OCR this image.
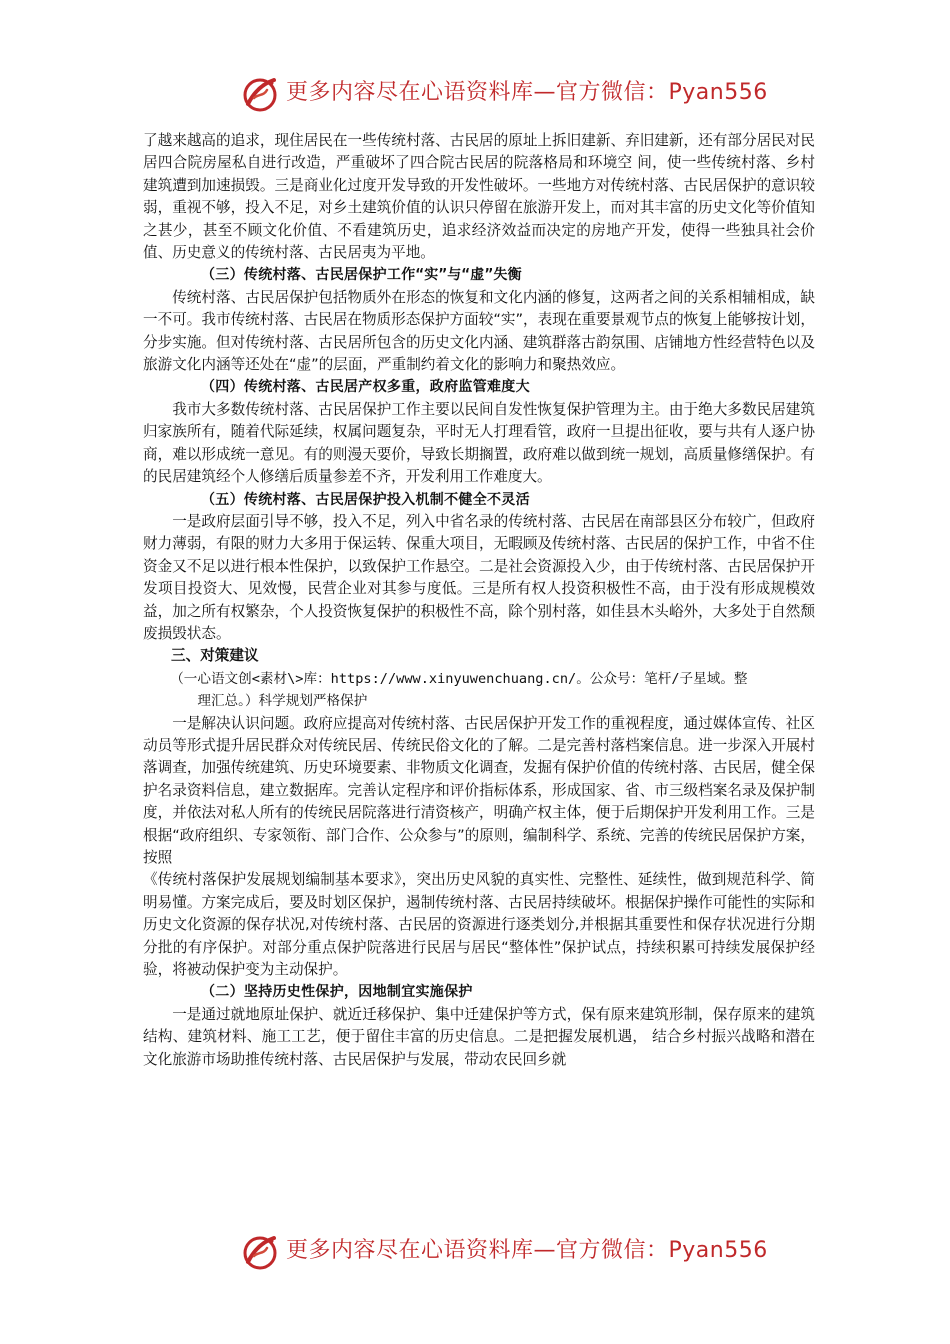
更多内容尽在心语资料库—官方微信：Pyan556

了越来越高的追求，现住居民在一些传统村落、古民居的原址上拆旧建新、弃旧建新，还有部分居民对民居四合院房屋私自进行改造，严重破坏了四合院古民居的院落格局和环境空 间，使一些传统村落、乡村建筑遭到加速损毁。三是商业化过度开发导致的开发性破坏。一些地方对传统村落、古民居保护的意识较弱，重视不够，投入不足，对乡土建筑价值的认识只停留在旅游开发上，而对其丰富的历史文化等价值知之甚少，甚至不顾文化价值、不看建筑历史，追求经济效益而决定的房地产开发，使得一些独具社会价值、历史意义的传统村落、古民居夷为平地。

（三）传统村落、古民居保护工作“实”与“虚”失衡

传统村落、古民居保护包括物质外在形态的恢复和文化内涵的修复，这两者之间的关系相辅相成，缺一不可。我市传统村落、古民居在物质形态保护方面较“实”，表现在重要景观节点的恢复上能够按计划，分步实施。但对传统村落、古民居所包含的历史文化内涵、建筑群落古韵氛围、店铺地方性经营特色以及旅游文化内涵等还处在“虚”的层面，严重制约着文化的影响力和聚热效应。

（四）传统村落、古民居产权多重，政府监管难度大

我市大多数传统村落、古民居保护工作主要以民间自发性恢复保护管理为主。由于绝大多数民居建筑归家族所有，随着代际延续，权属问题复杂，平时无人打理看管，政府一旦提出征收，要与共有人逐户协商，难以形成统一意见。有的则漫天要价，导致长期搁置，政府难以做到统一规划，高质量修缮保护。有的民居建筑经个人修缮后质量参差不齐，开发利用工作难度大。

（五）传统村落、古民居保护投入机制不健全不灵活

一是政府层面引导不够，投入不足，列入中省名录的传统村落、古民居在南部县区分布较广，但政府财力薄弱，有限的财力大多用于保运转、保重大项目，无暇顾及传统村落、古民居的保护工作，中省不住资金又不足以进行根本性保护，以致保护工作悬空。二是社会资源投入少，由于传统村落、古民居保护开发项目投资大、见效慢，民营企业对其参与度低。三是所有权人投资积极性不高，由于没有形成规模效益，加之所有权繁杂，个人投资恢复保护的积极性不高，除个别村落，如佳县木头峪外，大多处于自然颓废损毁状态。

三、对策建议

（一心语文创<素材\>库：https://www.xinyuwenchuang.cn/。公众号：笔杆/子星域。整
理汇总。）科学规划严格保护

一是解决认识问题。政府应提高对传统村落、古民居保护开发工作的重视程度，通过媒体宣传、社区动员等形式提升居民群众对传统民居、传统民俗文化的了解。二是完善村落档案信息。进一步深入开展村落调查，加强传统建筑、历史环境要素、非物质文化调查，发掘有保护价值的传统村落、古民居，健全保护名录资料信息，建立数据库。完善认定程序和评价指标体系，形成国家、省、市三级档案名录及保护制度，并依法对私人所有的传统民居院落进行清资核产，明确产权主体，便于后期保护开发利用工作。三是根据“政府组织、专家领衔、部门合作、公众参与”的原则，编制科学、系统、完善的传统民居保护方案，按照

《传统村落保护发展规划编制基本要求》，突出历史风貌的真实性、完整性、延续性，做到规范科学、简明易懂。方案完成后，要及时划区保护，遏制传统村落、古民居持续破坏。根据保护操作可能性的实际和历史文化资源的保存状况,对传统村落、古民居的资源进行逐类划分,并根据其重要性和保存状况进行分期分批的有序保护。对部分重点保护院落进行民居与居民“整体性”保护试点，持续积累可持续发展保护经验，将被动保护变为主动保护。

（二）坚持历史性保护，因地制宜实施保护

一是通过就地原址保护、就近迁移保护、集中迁建保护等方式，保有原来建筑形制，保存原来的建筑结构、建筑材料、施工工艺，便于留住丰富的历史信息。二是把握发展机遇， 结合乡村振兴战略和潜在文化旅游市场助推传统村落、古民居保护与发展，带动农民回乡就

更多内容尽在心语资料库—官方微信：Pyan556
